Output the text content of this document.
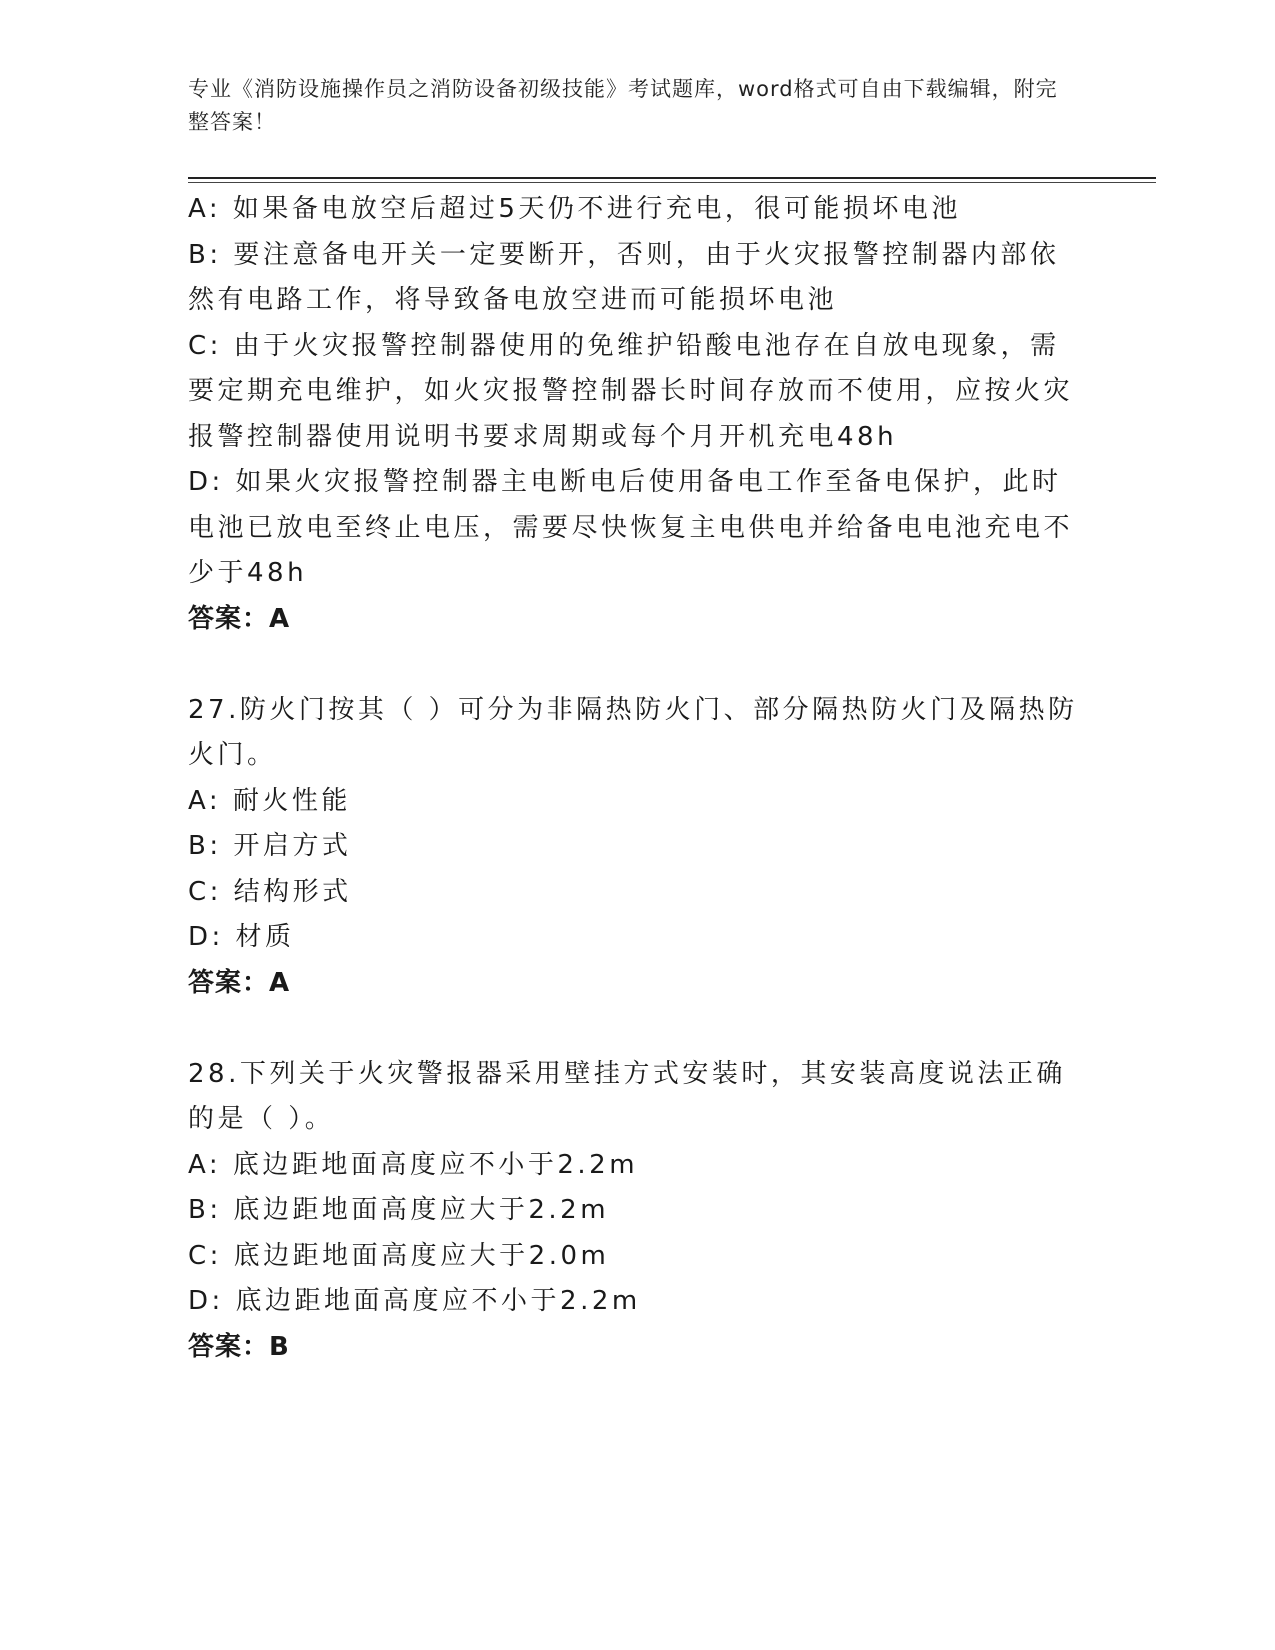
专业《消防设施操作员之消防设备初级技能》考试题库，word格式可自由下载编辑，附完整答案！

A: 如果备电放空后超过5天仍不进行充电，很可能损坏电池

B: 要注意备电开关一定要断开，否则，由于火灾报警控制器内部依然有电路工作，将导致备电放空进而可能损坏电池

C: 由于火灾报警控制器使用的免维护铅酸电池存在自放电现象，需要定期充电维护，如火灾报警控制器长时间存放而不使用，应按火灾报警控制器使用说明书要求周期或每个月开机充电48h

D: 如果火灾报警控制器主电断电后使用备电工作至备电保护，此时电池已放电至终止电压，需要尽快恢复主电供电并给备电电池充电不少于48h

答案：A

27.防火门按其（ ）可分为非隔热防火门、部分隔热防火门及隔热防火门。

A: 耐火性能

B: 开启方式

C: 结构形式

D: 材质

答案：A

28.下列关于火灾警报器采用壁挂方式安装时，其安装高度说法正确的是（ ）。

A: 底边距地面高度应不小于2.2m

B: 底边距地面高度应大于2.2m

C: 底边距地面高度应大于2.0m

D: 底边距地面高度应不小于2.2m

答案：B
